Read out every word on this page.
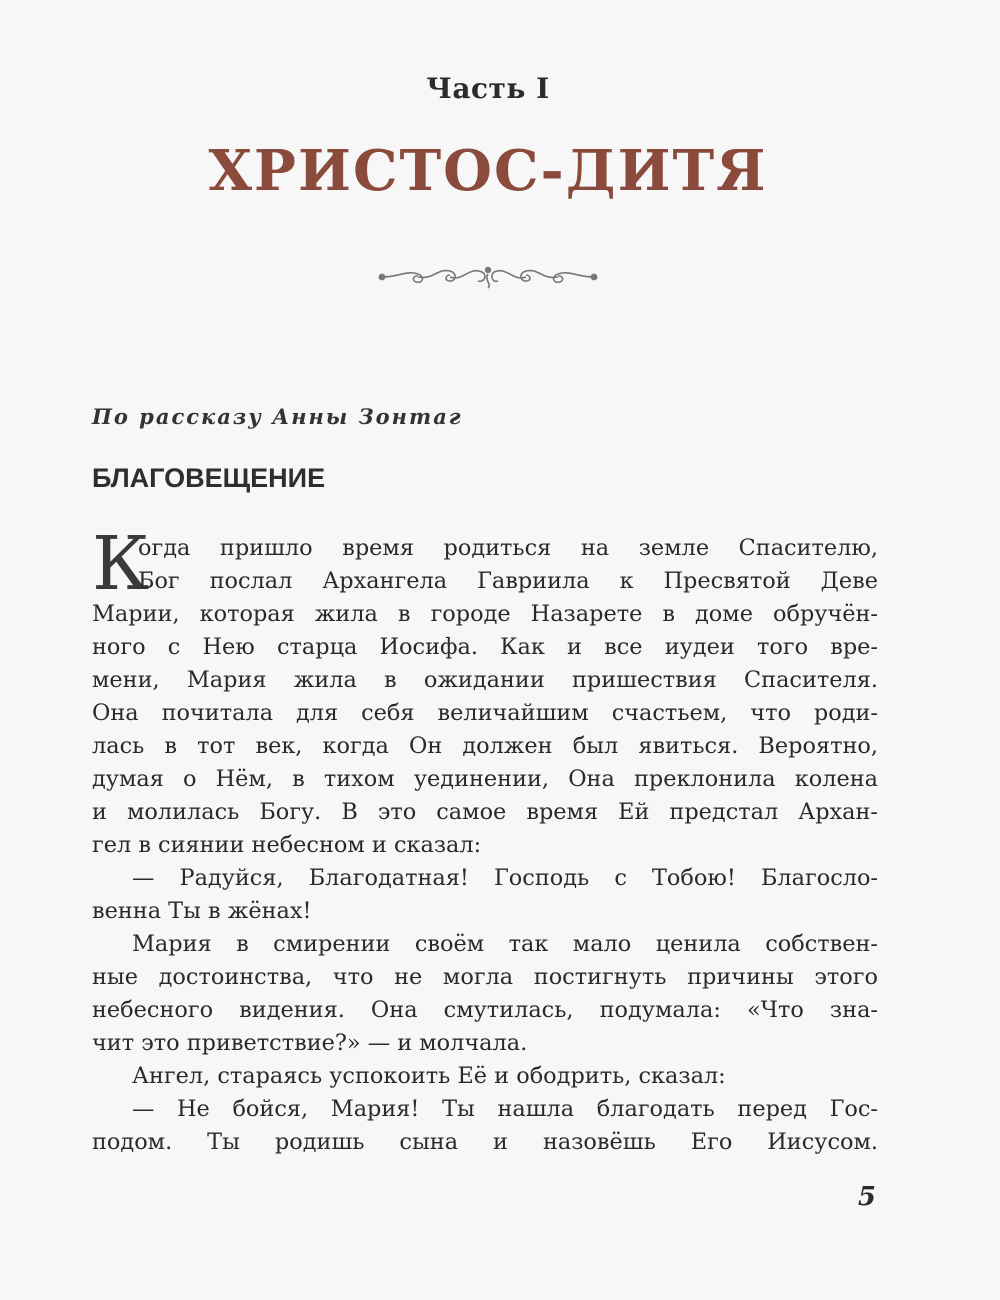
Часть I
ХРИСТОС-ДИТЯ
По рассказу Анны Зонтаг
БЛАГОВЕЩЕНИЕ
К
огда пришло время родиться на земле Спасителю,
Бог послал Архангела Гавриила к Пресвятой Деве
Марии, которая жила в городе Назарете в доме обручён-
ного с Нею старца Иосифа. Как и все иудеи того вре-
мени, Мария жила в ожидании пришествия Спасителя.
Она почитала для себя величайшим счастьем, что роди-
лась в тот век, когда Он должен был явиться. Вероятно,
думая о Нём, в тихом уединении, Она преклонила колена
и молилась Богу. В это самое время Ей предстал Архан-
гел в сиянии небесном и сказал:
— Радуйся, Благодатная! Господь с Тобою! Благосло-
венна Ты в жёнах!
Мария в смирении своём так мало ценила собствен-
ные достоинства, что не могла постигнуть причины этого
небесного видения. Она смутилась, подумала: «Что зна-
чит это приветствие?» — и молчала.
Ангел, стараясь успокоить Её и ободрить, сказал:
— Не бойся, Мария! Ты нашла благодать перед Гос-
подом. Ты родишь сына и назовёшь Его Иисусом.
5
